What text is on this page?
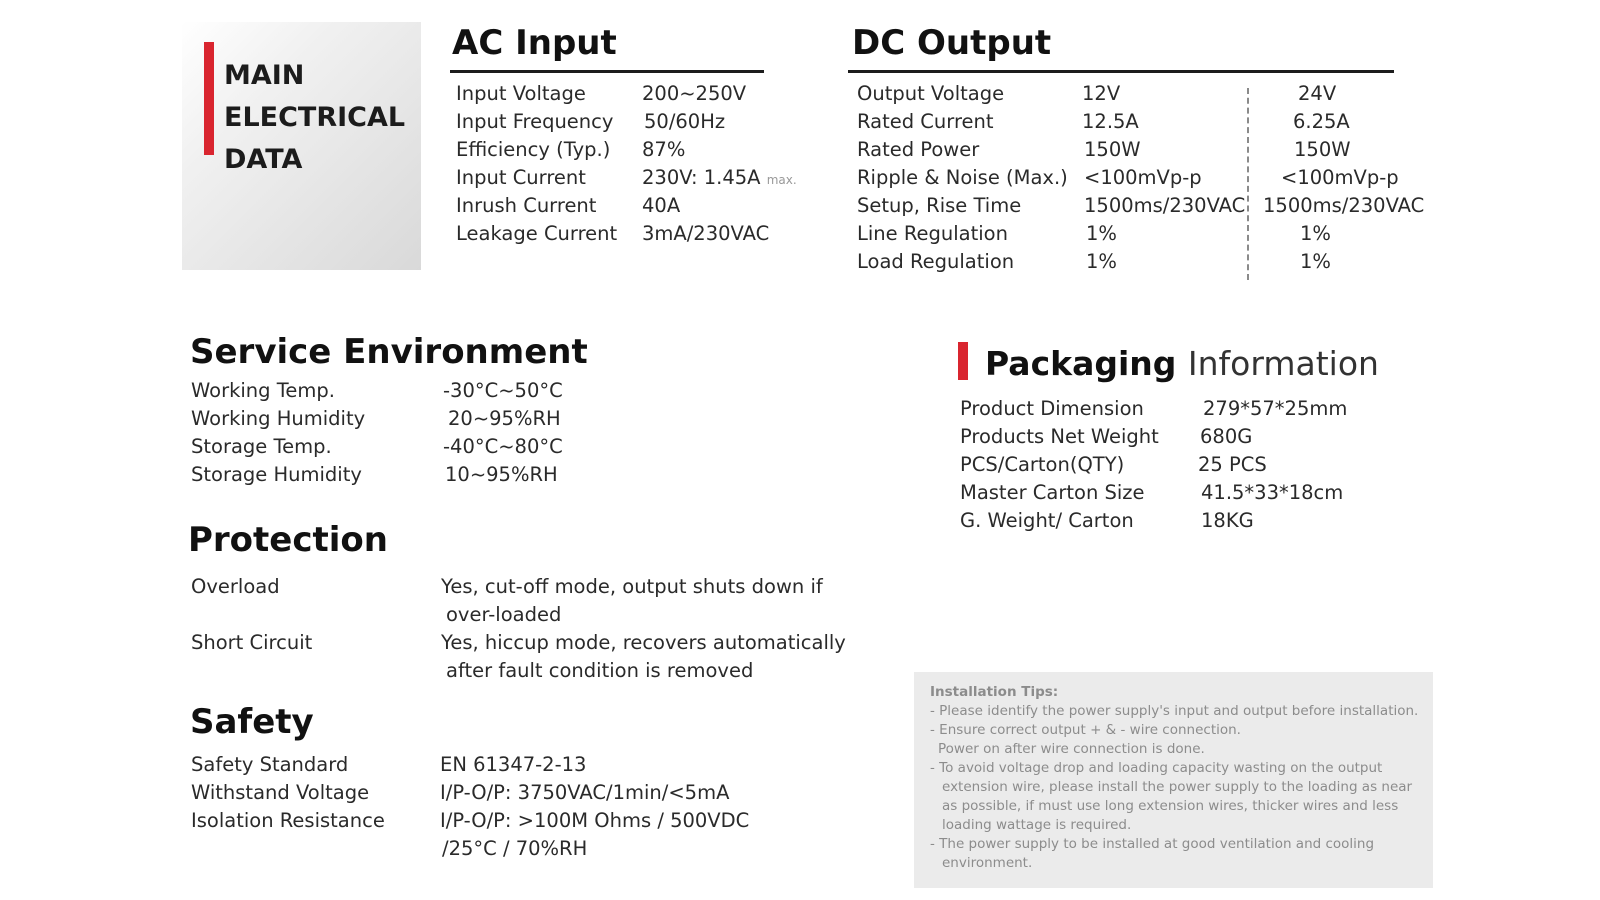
MAIN
ELECTRICAL
DATA
AC Input
Input Voltage	200~250V
Input Frequency 50/60Hz
Efficiency (Typ.) 87%
Input Current	230V: 1.45A max.
Inrush Current 40A
Leakage Current 3mA/230VAC
DC Output
Output Voltage	12V	24V
Rated Current	12.5A	6.25A
Rated Power	150W	150W
Ripple & Noise (Max.) <100mVp-p	<100mVp-p
Setup, Rise Time	1500ms/230VAC 1500ms/230VAC
Line Regulation	1%	1%
Load Regulation	1%	1%
Service Environment
Working Temp.	-30°C~50°C
Working Humidity	20~95%RH
Storage Temp.	-40°C~80°C
Storage Humidity	10~95%RH
Protection
Overload	Yes, cut-off mode, output shuts down if
over-loaded
Short Circuit	Yes, hiccup mode, recovers automatically
after fault condition is removed
Safety
Safety Standard	EN 61347-2-13
Withstand Voltage	I/P-O/P: 3750VAC/1min/<5mA
Isolation Resistance	I/P-O/P: >100M Ohms / 500VDC
/25°C / 70%RH
Packaging Information
Product Dimension	279*57*25mm
Products Net Weight 680G
PCS/Carton(QTY)	25 PCS
Master Carton Size	41.5*33*18cm
G. Weight/ Carton	18KG
Installation Tips:
- Please identify the power supply's input and output before installation.
- Ensure correct output + & - wire connection.
Power on after wire connection is done.
- To avoid voltage drop and loading capacity wasting on the output
extension wire, please install the power supply to the loading as near
as possible, if must use long extension wires, thicker wires and less
loading wattage is required.
- The power supply to be installed at good ventilation and cooling
environment.
